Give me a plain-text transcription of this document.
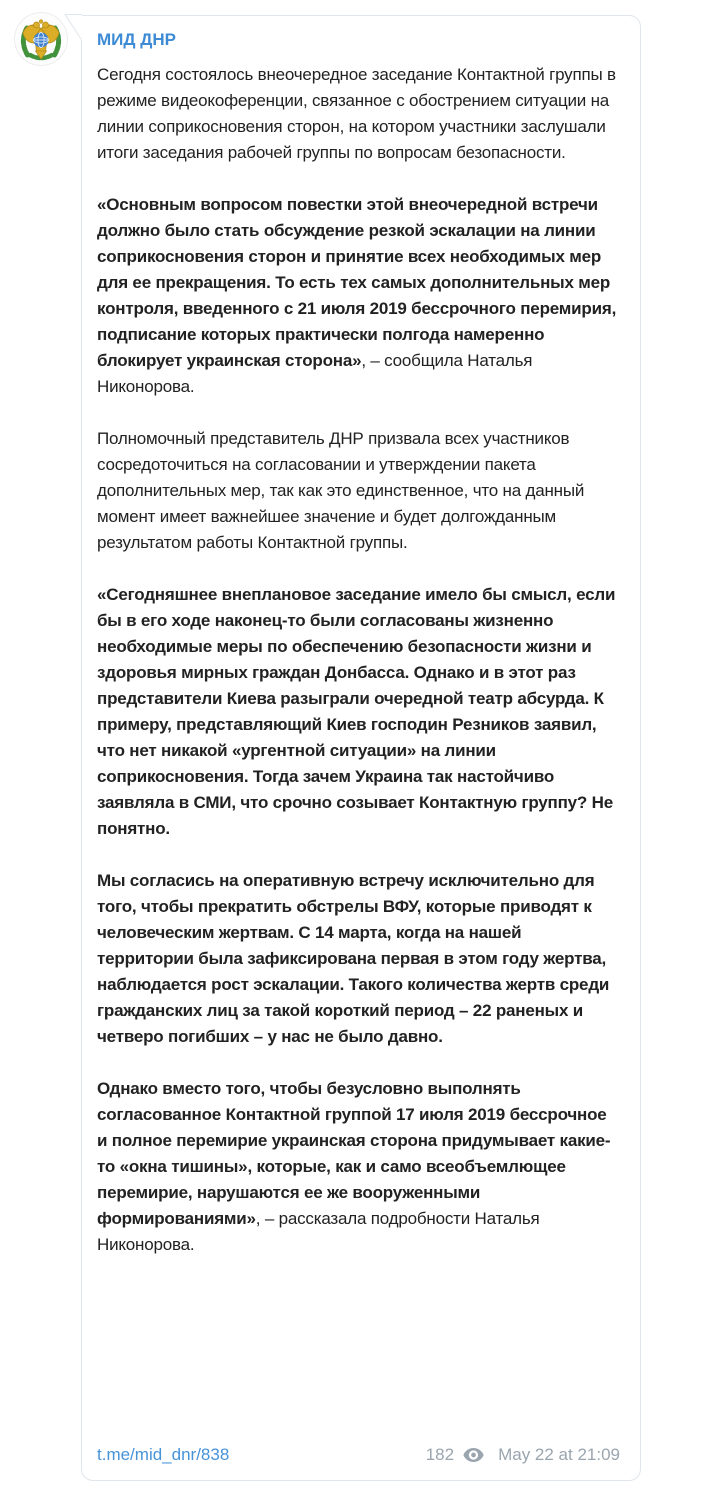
МИД ДНР
Сегодня состоялось внеочередное заседание Контактной группы в режиме видеокоференции, связанное с обострением ситуации на линии соприкосновения сторон, на котором участники заслушали итоги заседания рабочей группы по вопросам безопасности.
«Основным вопросом повестки этой внеочередной встречи должно было стать обсуждение резкой эскалации на линии соприкосновения сторон и принятие всех необходимых мер для ее прекращения. То есть тех самых дополнительных мер контроля, введенного с 21 июля 2019 бессрочного перемирия, подписание которых практически полгода намеренно блокирует украинская сторона», – сообщила Наталья Никонорова.
Полномочный представитель ДНР призвала всех участников сосредоточиться на согласовании и утверждении пакета дополнительных мер, так как это единственное, что на данный момент имеет важнейшее значение и будет долгожданным результатом работы Контактной группы.
«Сегодняшнее внеплановое заседание имело бы смысл, если бы в его ходе наконец-то были согласованы жизненно необходимые меры по обеспечению безопасности жизни и здоровья мирных граждан Донбасса. Однако и в этот раз представители Киева разыграли очередной театр абсурда. К примеру, представляющий Киев господин Резников заявил, что нет никакой «ургентной ситуации» на линии соприкосновения. Тогда зачем Украина так настойчиво заявляла в СМИ, что срочно созывает Контактную группу? Не понятно.
Мы согласись на оперативную встречу исключительно для того, чтобы прекратить обстрелы ВФУ, которые приводят к человеческим жертвам. С 14 марта, когда на нашей территории была зафиксирована первая в этом году жертва, наблюдается рост эскалации. Такого количества жертв среди гражданских лиц за такой короткий период – 22 раненых и четверо погибших – у нас не было давно.
Однако вместо того, чтобы безусловно выполнять согласованное Контактной группой 17 июля 2019 бессрочное и полное перемирие украинская сторона придумывает какие-то «окна тишины», которые, как и само всеобъемлющее перемирие, нарушаются ее же вооруженными формированиями», – рассказала подробности Наталья Никонорова.
t.me/mid_dnr/838	182	May 22 at 21:09
